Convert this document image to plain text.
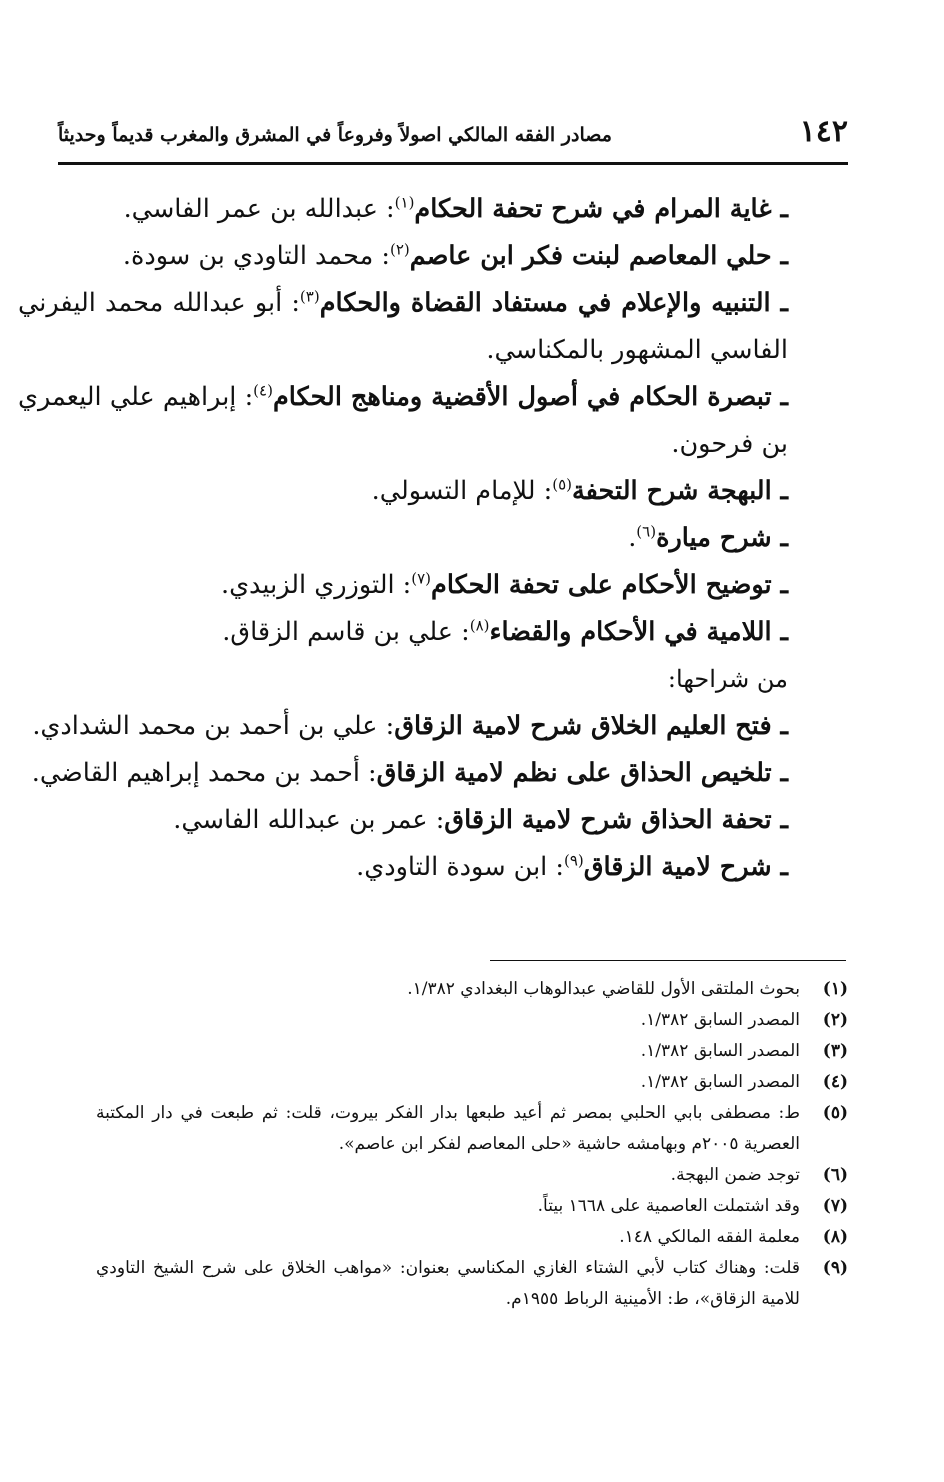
١٤٢
مصادر الفقه المالكي اصولاً وفروعاً في المشرق والمغرب قديماً وحديثاً

ـ غاية المرام في شرح تحفة الحكام$^{(١)}$: عبدالله بن عمر الفاسي.

ـ حلي المعاصم لبنت فكر ابن عاصم$^{(٢)}$: محمد التاودي بن سودة.

ـ التنبيه والإعلام في مستفاد القضاة والحكام$^{(٣)}$: أبو عبدالله محمد اليفرني الفاسي المشهور بالمكناسي.

ـ تبصرة الحكام في أصول الأقضية ومناهج الحكام$^{(٤)}$: إبراهيم علي اليعمري بن فرحون.

ـ البهجة شرح التحفة$^{(٥)}$: للإمام التسولي.

ـ شرح ميارة$^{(٦)}$.

ـ توضيح الأحكام على تحفة الحكام$^{(٧)}$: التوزري الزبيدي.

ـ اللامية في الأحكام والقضاء$^{(٨)}$: علي بن قاسم الزقاق.

من شراحها:

ـ فتح العليم الخلاق شرح لامية الزقاق: علي بن أحمد بن محمد الشدادي.

ـ تلخيص الحذاق على نظم لامية الزقاق: أحمد بن محمد إبراهيم القاضي.

ـ تحفة الحذاق شرح لامية الزقاق: عمر بن عبدالله الفاسي.

ـ شرح لامية الزقاق$^{(٩)}$: ابن سودة التاودي.

(١)
بحوث الملتقى الأول للقاضي عبدالوهاب البغدادي ١/٣٨٢.
(٢)
المصدر السابق ١/٣٨٢.
(٣)
المصدر السابق ١/٣٨٢.
(٤)
المصدر السابق ١/٣٨٢.
(٥)
ط: مصطفى بابي الحلبي بمصر ثم أعيد طبعها بدار الفكر بيروت، قلت: ثم طبعت في دار المكتبة العصرية ٢٠٠٥م وبهامشه حاشية «حلى المعاصم لفكر ابن عاصم».
(٦)
توجد ضمن البهجة.
(٧)
وقد اشتملت العاصمية على ١٦٦٨ بيتاً.
(٨)
معلمة الفقه المالكي ١٤٨.
(٩)
قلت: وهناك كتاب لأبي الشتاء الغازي المكناسي بعنوان: «مواهب الخلاق على شرح الشيخ التاودي للامية الزقاق»، ط: الأمينية الرباط ١٩٥٥م.
